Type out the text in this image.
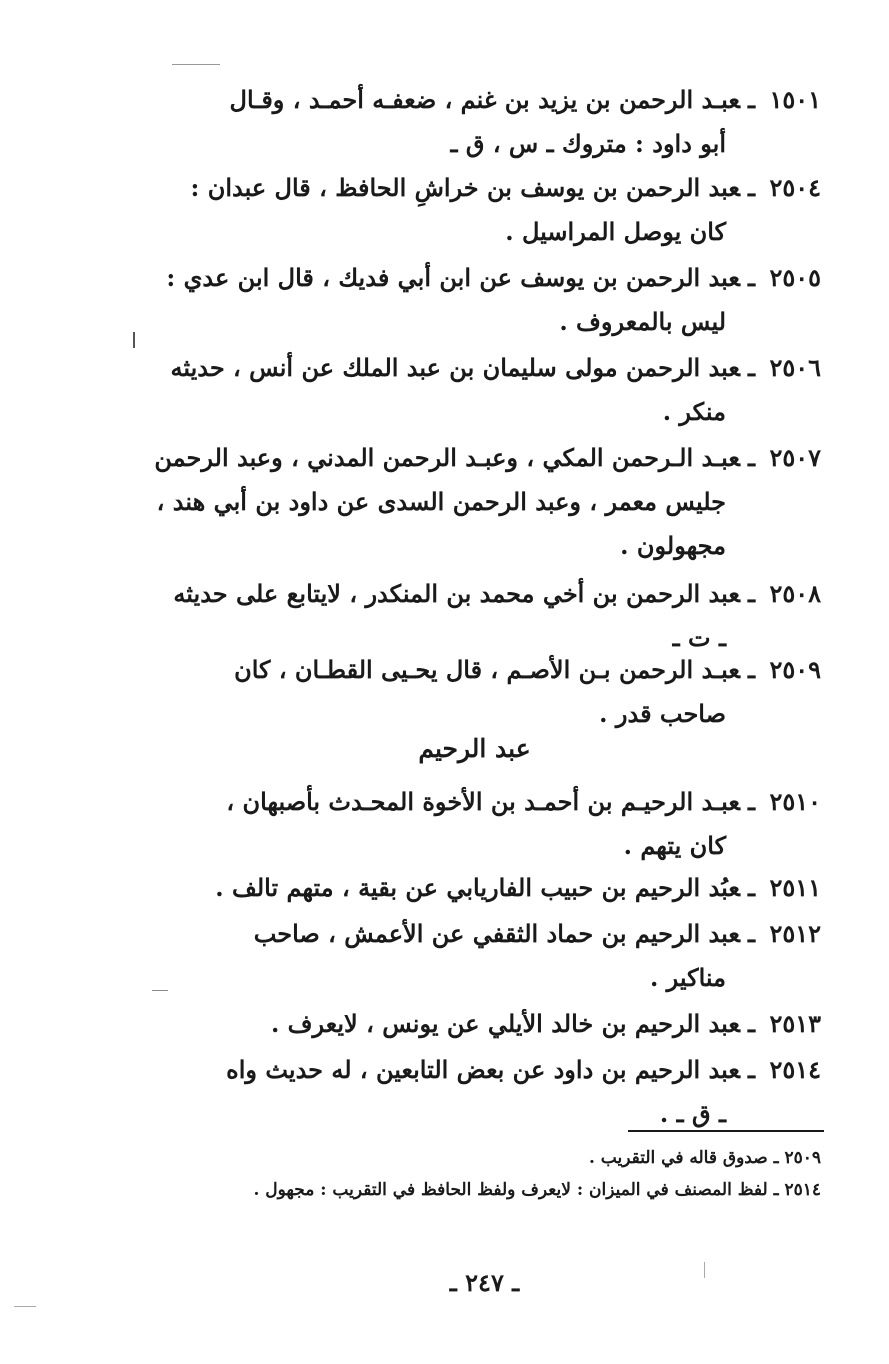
١٥٠١ـعبـد الرحمن بن يزيد بن غنم ، ضعفـه أحمـد ، وقـال
أبو داود : متروك ـ س ، ق ـ
٢٥٠٤ـعبد الرحمن بن يوسف بن خراشِ الحافظ ، قال عبدان :
كان يوصل المراسيل .
٢٥٠٥ـعبد الرحمن بن يوسف عن ابن أبي فديك ، قال ابن عدي :
ليس بالمعروف .
٢٥٠٦ـعبد الرحمن مولى سليمان بن عبد الملك عن أنس ، حديثه
منكر .
٢٥٠٧ـعبـد الـرحمن المكي ، وعبـد الرحمن المدني ، وعبد الرحمن
جليس معمر ، وعبد الرحمن السدى عن داود بن أبي هند ،
مجهولون .
٢٥٠٨ـعبد الرحمن بن أخي محمد بن المنكدر ، لايتابع على حديثه
ـ ت ـ
٢٥٠٩ـعبـد الرحمن بـن الأصـم ، قال يحـيى القطـان ، كان
صاحب قدر .
عبد الرحيم
٢٥١٠ـعبـد الرحيـم بن أحمـد بن الأخوة المحـدث بأصبهان ،
كان يتهم .
٢٥١١ـعبُد الرحيم بن حبيب الفاريابي عن بقية ، متهم تالف .
٢٥١٢ـعبد الرحيم بن حماد الثقفي عن الأعمش ، صاحب
مناكير .
٢٥١٣ـعبد الرحيم بن خالد الأيلي عن يونس ، لايعرف .
٢٥١٤ـعبد الرحيم بن داود عن بعض التابعين ، له حديث واه
ـ ق ـ .
٢٥٠٩ ـ صدوق قاله في التقريب .
٢٥١٤ ـ لفظ المصنف في الميزان : لايعرف ولفظ الحافظ في التقريب : مجهول .
ـ ٢٤٧ ـ
